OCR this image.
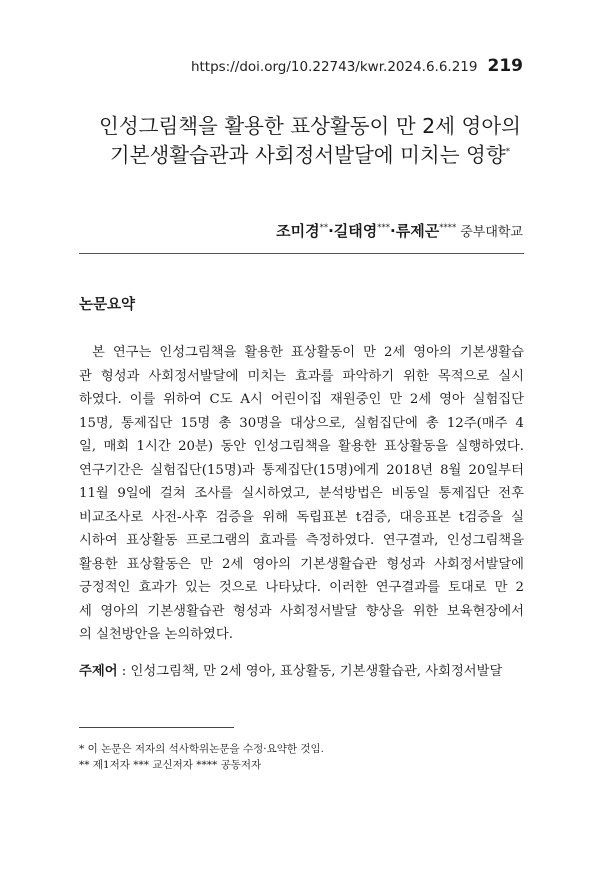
https://doi.org/10.22743/kwr.2024.6.6.219 219
인성그림책을 활용한 표상활동이 만 2세 영아의
기본생활습관과 사회정서발달에 미치는 영향*
조미경**·길태영***·류제곤**** 중부대학교
논문요약
본 연구는 인성그림책을 활용한 표상활동이 만 2세 영아의 기본생활습
관 형성과 사회정서발달에 미치는 효과를 파악하기 위한 목적으로 실시
하였다. 이를 위하여 C도 A시 어린이집 재원중인 만 2세 영아 실험집단
15명, 통제집단 15명 총 30명을 대상으로, 실험집단에 총 12주(매주 4
일, 매회 1시간 20분) 동안 인성그림책을 활용한 표상활동을 실행하였다.
연구기간은 실험집단(15명)과 통제집단(15명)에게 2018년 8월 20일부터
11월 9일에 걸쳐 조사를 실시하였고, 분석방법은 비동일 통제집단 전후
비교조사로 사전-사후 검증을 위해 독립표본 t검증, 대응표본 t검증을 실
시하여 표상활동 프로그램의 효과를 측정하였다. 연구결과, 인성그림책을
활용한 표상활동은 만 2세 영아의 기본생활습관 형성과 사회정서발달에
긍정적인 효과가 있는 것으로 나타났다. 이러한 연구결과를 토대로 만 2
세 영아의 기본생활습관 형성과 사회정서발달 향상을 위한 보육현장에서
의 실천방안을 논의하였다.
주제어 : 인성그림책, 만 2세 영아, 표상활동, 기본생활습관, 사회정서발달
* 이 논문은 저자의 석사학위논문을 수정·요약한 것임.
** 제1저자 *** 교신저자 **** 공동저자
